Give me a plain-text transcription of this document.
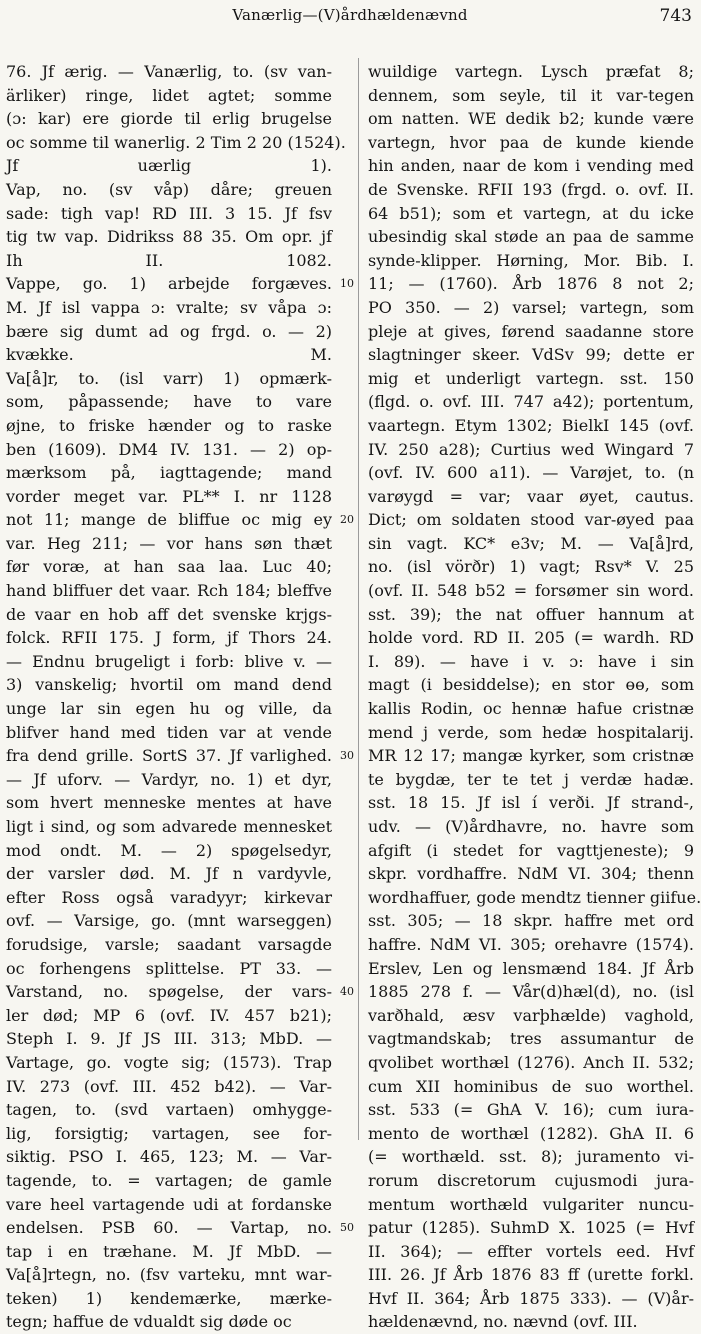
Vanærlig—(V)årdhældenævnd	743
76. Jf ærig. — Vanærlig, to. (sv van-
ärliker) ringe, lidet agtet; somme
(ɔ: kar) ere giorde til erlig brugelse
oc somme til wanerlig. 2 Tim 2 20 (1524).
Jf uærlig 1).
Vap, no. (sv våp) dåre; greuen
sade: tigh vap! RD III. 3 15. Jf fsv
tig tw vap. Didrikss 88 35. Om opr. jf
Ih II. 1082.
Vappe, go. 1) arbejde forgæves.
M. Jf isl vappa ɔ: vralte; sv våpa ɔ:
bære sig dumt ad og frgd. o. — 2)
kvække. M.
Va[å]r, to. (isl varr) 1) opmærk-
som, påpassende; have to vare
øjne, to friske hænder og to raske
ben (1609). DM4 IV. 131. — 2) op-
mærksom på, iagttagende; mand
vorder meget var. PL** I. nr 1128
not 11; mange de bliffue oc mig ey
var. Heg 211; — vor hans søn thæt
før voræ, at han saa laa. Luc 40;
hand bliffuer det vaar. Rch 184; bleffve
de vaar en hob aff det svenske krjgs-
folck. RFII 175. J form, jf Thors 24.
— Endnu brugeligt i forb: blive v. —
3) vanskelig; hvortil om mand dend
unge lar sin egen hu og ville, da
blifver hand med tiden var at vende
fra dend grille. SortS 37. Jf varlighed.
— Jf uforv. — Vardyr, no. 1) et dyr,
som hvert menneske mentes at have
ligt i sind, og som advarede mennesket
mod ondt. M. — 2) spøgelsedyr,
der varsler død. M. Jf n vardyvle,
efter Ross også varadyyr; kirkevar
ovf. — Varsige, go. (mnt warseggen)
forudsige, varsle; saadant varsagde
oc forhengens splittelse. PT 33. —
Varstand, no. spøgelse, der vars-
ler død; MP 6 (ovf. IV. 457 b21);
Steph I. 9. Jf JS III. 313; MbD. —
Vartage, go. vogte sig; (1573). Trap
IV. 273 (ovf. III. 452 b42). — Var-
tagen, to. (svd vartaen) omhygge-
lig, forsigtig; vartagen, see for-
siktig. PSO I. 465, 123; M. — Var-
tagende, to. = vartagen; de gamle
vare heel vartagende udi at fordanske
endelsen. PSB 60. — Vartap, no.
tap i en træhane. M. Jf MbD. —
Va[å]rtegn, no. (fsv varteku, mnt war-
teken) 1) kendemærke, mærke-
tegn; haffue de vdualdt sig døde oc
wuildige vartegn. Lysch præfat 8;
dennem, som seyle, til it var-tegen
om natten. WE dedik b2; kunde være
vartegn, hvor paa de kunde kiende
hin anden, naar de kom i vending med
de Svenske. RFII 193 (frgd. o. ovf. II.
64 b51); som et vartegn, at du icke
ubesindig skal støde an paa de samme
synde-klipper. Hørning, Mor. Bib. I.
11; — (1760). Årb 1876 8 not 2;
PO 350. — 2) varsel; vartegn, som
pleje at gives, førend saadanne store
slagtninger skeer. VdSv 99; dette er
mig et underligt vartegn. sst. 150
(flgd. o. ovf. III. 747 a42); portentum,
vaartegn. Etym 1302; BielkI 145 (ovf.
IV. 250 a28); Curtius wed Wingard 7
(ovf. IV. 600 a11). — Varøjet, to. (n
varøygd = var; vaar øyet, cautus.
Dict; om soldaten stood var-øyed paa
sin vagt. KC* e3v; M. — Va[å]rd,
no. (isl vörðr) 1) vagt; Rsv* V. 25
(ovf. II. 548 b52 = forsømer sin word.
sst. 39); the nat offuer hannum at
holde vord. RD II. 205 (= wardh. RD
I. 89). — have i v. ɔ: have i sin
magt (i besiddelse); en stor ɵɵ, som
kallis Rodin, oc hennæ hafue cristnæ
mend j verde, som hedæ hospitalarij.
MR 12 17; mangæ kyrker, som cristnæ
te bygdæ, ter te tet j verdæ hadæ.
sst. 18 15. Jf isl í verði. Jf strand-,
udv. — (V)årdhavre, no. havre som
afgift (i stedet for vagttjeneste); 9
skpr. vordhaffre. NdM VI. 304; thenn
wordhaffuer, gode mendtz tienner giifue.
sst. 305; — 18 skpr. haffre met ord
haffre. NdM VI. 305; orehavre (1574).
Erslev, Len og lensmænd 184. Jf Årb
1885 278 f. — Vår(d)hæl(d), no. (isl
varðhald, æsv varþhælde) vaghold,
vagtmandskab; tres assumantur de
qvolibet worthæl (1276). Anch II. 532;
cum XII hominibus de suo worthel.
sst. 533 (= GhA V. 16); cum iura-
mento de worthæl (1282). GhA II. 6
(= worthæld. sst. 8); juramento vi-
rorum discretorum cujusmodi jura-
mentum worthæld vulgariter nuncu-
patur (1285). SuhmD X. 1025 (= Hvf
II. 364); — effter vortels eed. Hvf
III. 26. Jf Årb 1876 83 ff (urette forkl.
Hvf II. 364; Årb 1875 333). — (V)år-
hældenævnd, no. nævnd (ovf. III.
10
20
30
40
50
